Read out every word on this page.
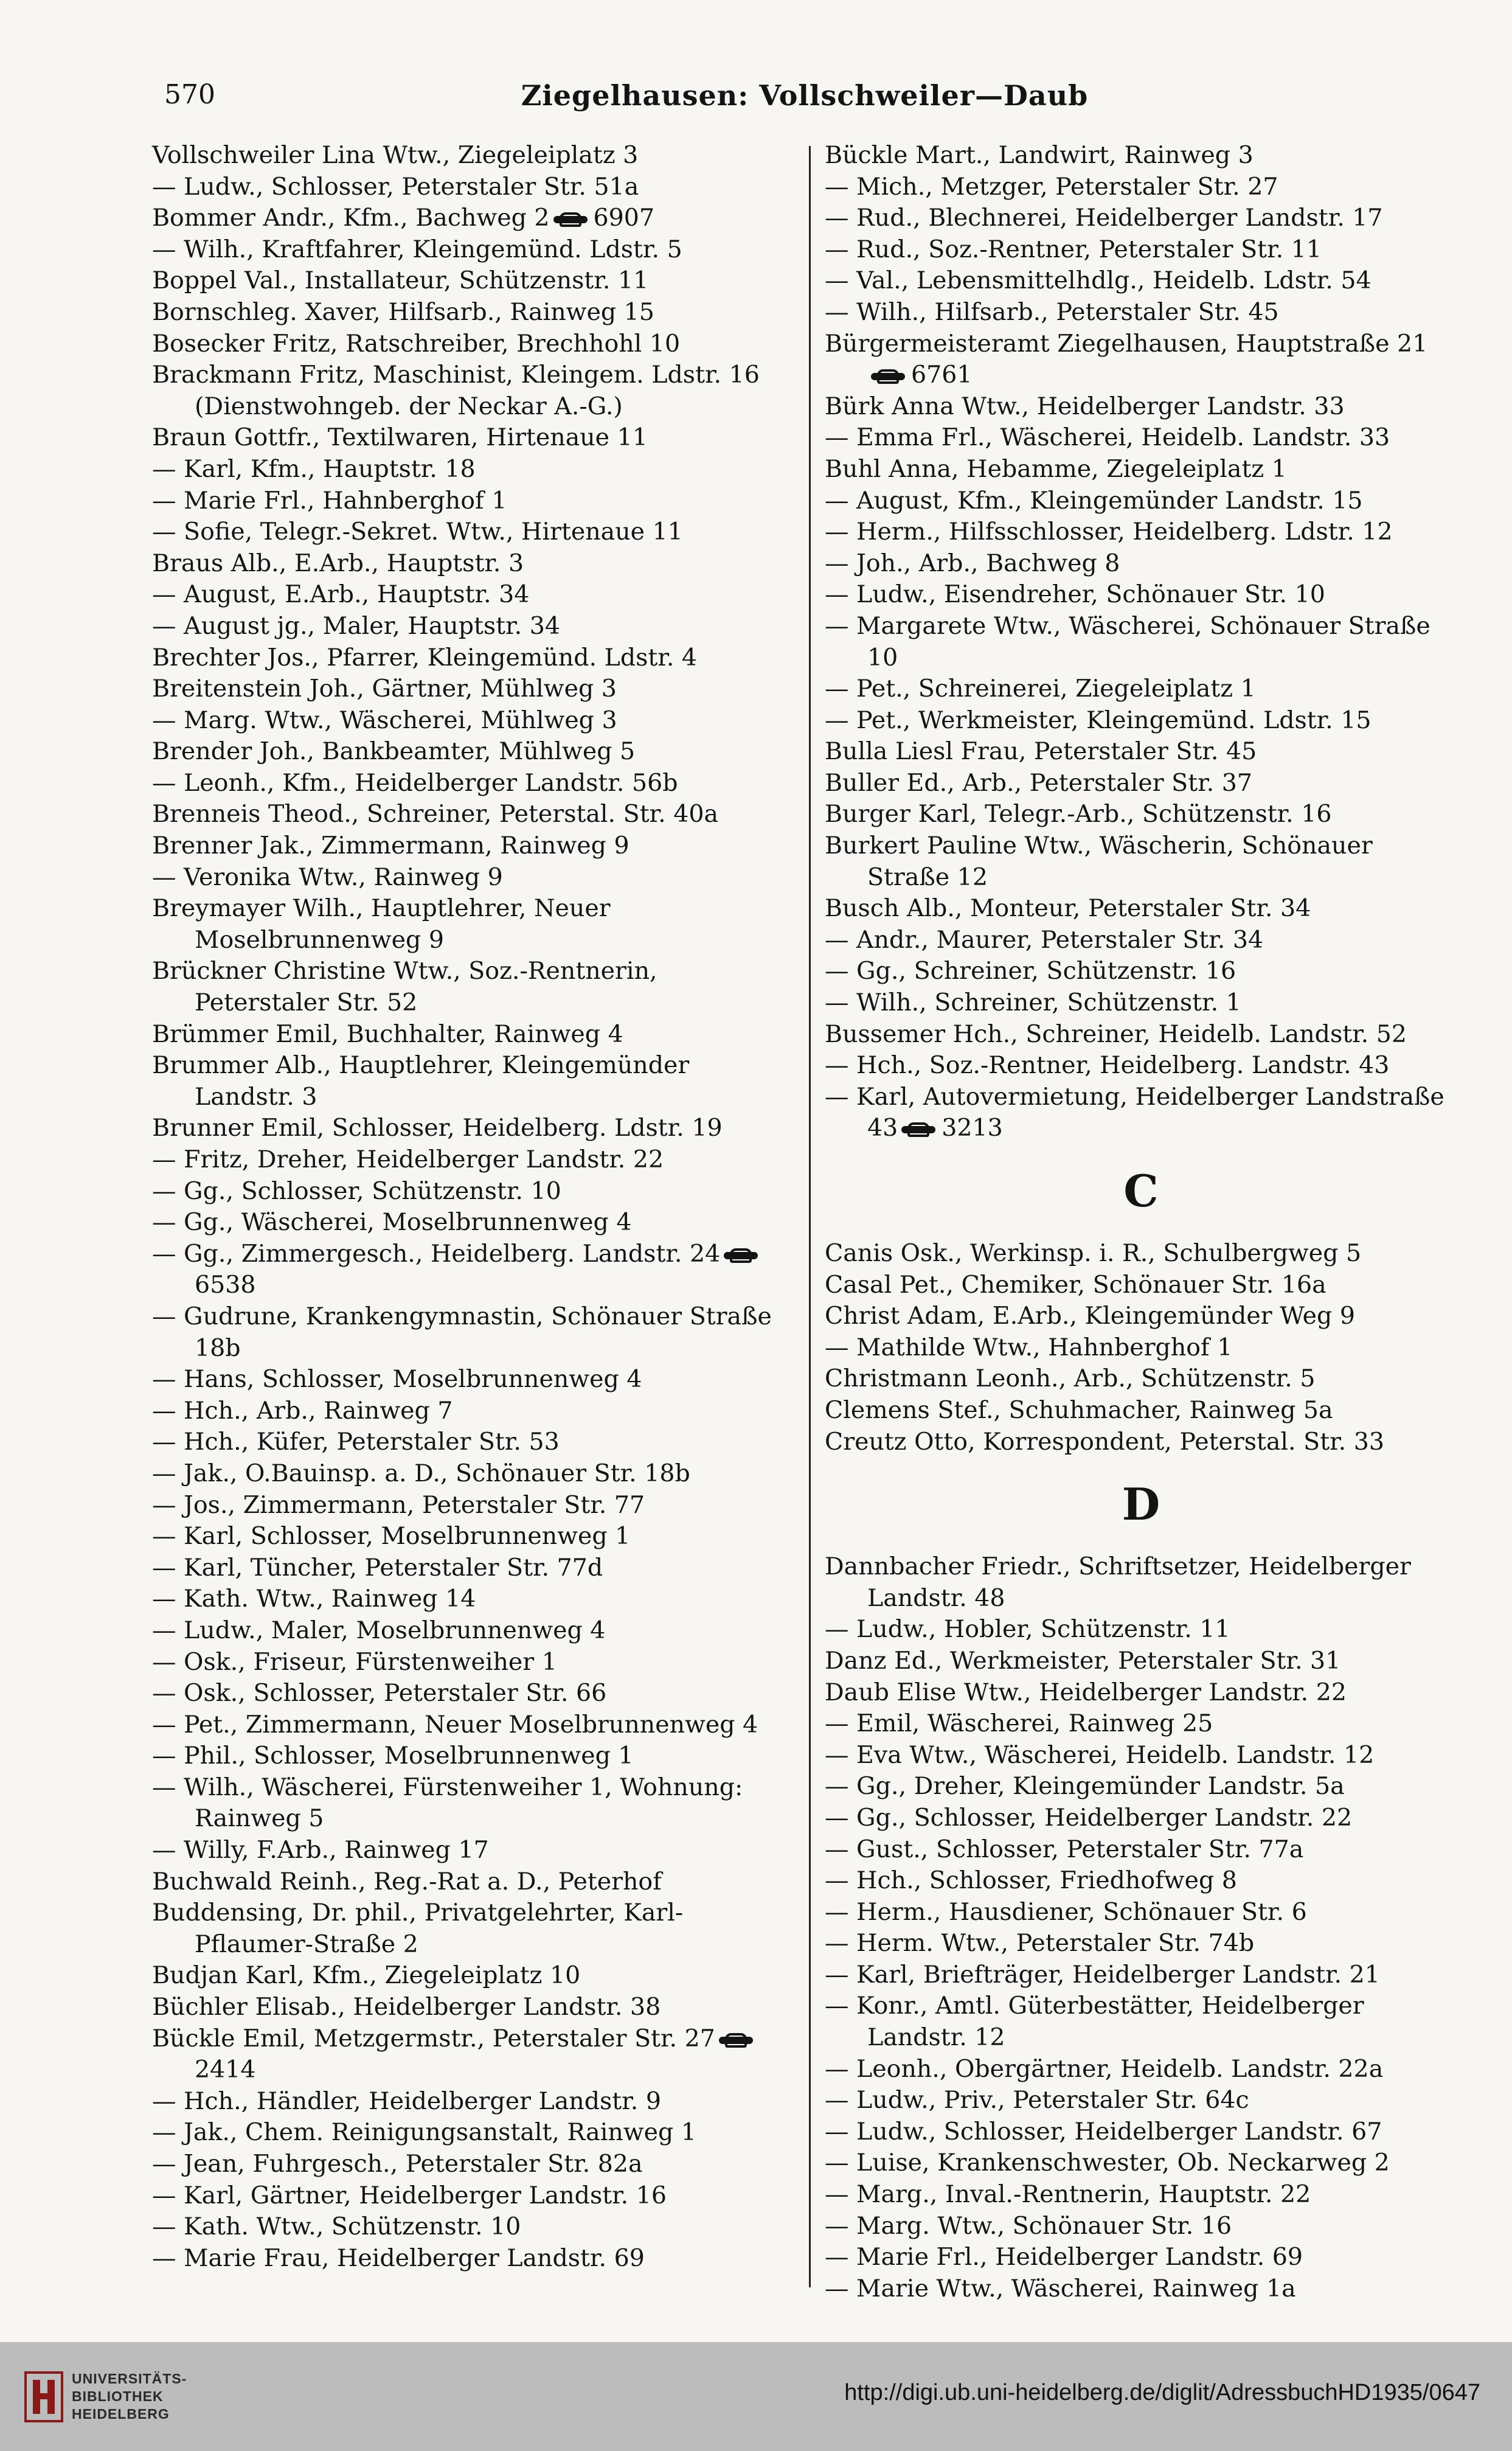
570	Ziegelhausen: Vollschweiler—Daub
Vollschweiler Lina Wtw., Ziegeleiplatz 3
— Ludw., Schlosser, Peterstaler Str. 51a
Bommer Andr., Kfm., Bachweg 2 6907
— Wilh., Kraftfahrer, Kleingemünd. Ldstr. 5
Boppel Val., Installateur, Schützenstr. 11
Bornschleg. Xaver, Hilfsarb., Rainweg 15
Bosecker Fritz, Ratschreiber, Brechhohl 10
Brackmann Fritz, Maschinist, Kleingem. Ldstr. 16 (Dienstwohngeb. der Neckar A.-G.)
Braun Gottfr., Textilwaren, Hirtenaue 11
— Karl, Kfm., Hauptstr. 18
— Marie Frl., Hahnberghof 1
— Sofie, Telegr.-Sekret. Wtw., Hirtenaue 11
Braus Alb., E.Arb., Hauptstr. 3
— August, E.Arb., Hauptstr. 34
— August jg., Maler, Hauptstr. 34
Brechter Jos., Pfarrer, Kleingemünd. Ldstr. 4
Breitenstein Joh., Gärtner, Mühlweg 3
— Marg. Wtw., Wäscherei, Mühlweg 3
Brender Joh., Bankbeamter, Mühlweg 5
— Leonh., Kfm., Heidelberger Landstr. 56b
Brenneis Theod., Schreiner, Peterstal. Str. 40a
Brenner Jak., Zimmermann, Rainweg 9
— Veronika Wtw., Rainweg 9
Breymayer Wilh., Hauptlehrer, Neuer Moselbrunnenweg 9
Brückner Christine Wtw., Soz.-Rentnerin, Peterstaler Str. 52
Brümmer Emil, Buchhalter, Rainweg 4
Brummer Alb., Hauptlehrer, Kleingemünder Landstr. 3
Brunner Emil, Schlosser, Heidelberg. Ldstr. 19
— Fritz, Dreher, Heidelberger Landstr. 22
— Gg., Schlosser, Schützenstr. 10
— Gg., Wäscherei, Moselbrunnenweg 4
— Gg., Zimmergesch., Heidelberg. Landstr. 246538
— Gudrune, Krankengymnastin, Schönauer Straße 18b
— Hans, Schlosser, Moselbrunnenweg 4
— Hch., Arb., Rainweg 7
— Hch., Küfer, Peterstaler Str. 53
— Jak., O.Bauinsp. a. D., Schönauer Str. 18b
— Jos., Zimmermann, Peterstaler Str. 77
— Karl, Schlosser, Moselbrunnenweg 1
— Karl, Tüncher, Peterstaler Str. 77d
— Kath. Wtw., Rainweg 14
— Ludw., Maler, Moselbrunnenweg 4
— Osk., Friseur, Fürstenweiher 1
— Osk., Schlosser, Peterstaler Str. 66
— Pet., Zimmermann, Neuer Moselbrunnenweg 4
— Phil., Schlosser, Moselbrunnenweg 1
— Wilh., Wäscherei, Fürstenweiher 1, Wohnung: Rainweg 5
— Willy, F.Arb., Rainweg 17
Buchwald Reinh., Reg.-Rat a. D., Peterhof
Buddensing, Dr. phil., Privatgelehrter, Karl-Pflaumer-Straße 2
Budjan Karl, Kfm., Ziegeleiplatz 10
Büchler Elisab., Heidelberger Landstr. 38
Bückle Emil, Metzgermstr., Peterstaler Str. 272414
— Hch., Händler, Heidelberger Landstr. 9
— Jak., Chem. Reinigungsanstalt, Rainweg 1
— Jean, Fuhrgesch., Peterstaler Str. 82a
— Karl, Gärtner, Heidelberger Landstr. 16
— Kath. Wtw., Schützenstr. 10
— Marie Frau, Heidelberger Landstr. 69
Bückle Mart., Landwirt, Rainweg 3
— Mich., Metzger, Peterstaler Str. 27
— Rud., Blechnerei, Heidelberger Landstr. 17
— Rud., Soz.-Rentner, Peterstaler Str. 11
— Val., Lebensmittelhdlg., Heidelb. Ldstr. 54
— Wilh., Hilfsarb., Peterstaler Str. 45
Bürgermeisteramt Ziegelhausen, Hauptstraße 216761
Bürk Anna Wtw., Heidelberger Landstr. 33
— Emma Frl., Wäscherei, Heidelb. Landstr. 33
Buhl Anna, Hebamme, Ziegeleiplatz 1
— August, Kfm., Kleingemünder Landstr. 15
— Herm., Hilfsschlosser, Heidelberg. Ldstr. 12
— Joh., Arb., Bachweg 8
— Ludw., Eisendreher, Schönauer Str. 10
— Margarete Wtw., Wäscherei, Schönauer Straße 10
— Pet., Schreinerei, Ziegeleiplatz 1
— Pet., Werkmeister, Kleingemünd. Ldstr. 15
Bulla Liesl Frau, Peterstaler Str. 45
Buller Ed., Arb., Peterstaler Str. 37
Burger Karl, Telegr.-Arb., Schützenstr. 16
Burkert Pauline Wtw., Wäscherin, Schönauer Straße 12
Busch Alb., Monteur, Peterstaler Str. 34
— Andr., Maurer, Peterstaler Str. 34
— Gg., Schreiner, Schützenstr. 16
— Wilh., Schreiner, Schützenstr. 1
Bussemer Hch., Schreiner, Heidelb. Landstr. 52
— Hch., Soz.-Rentner, Heidelberg. Landstr. 43
— Karl, Autovermietung, Heidelberger Landstraße 43 3213
C
Canis Osk., Werkinsp. i. R., Schulbergweg 5
Casal Pet., Chemiker, Schönauer Str. 16a
Christ Adam, E.Arb., Kleingemünder Weg 9
— Mathilde Wtw., Hahnberghof 1
Christmann Leonh., Arb., Schützenstr. 5
Clemens Stef., Schuhmacher, Rainweg 5a
Creutz Otto, Korrespondent, Peterstal. Str. 33
D
Dannbacher Friedr., Schriftsetzer, Heidelberger Landstr. 48
— Ludw., Hobler, Schützenstr. 11
Danz Ed., Werkmeister, Peterstaler Str. 31
Daub Elise Wtw., Heidelberger Landstr. 22
— Emil, Wäscherei, Rainweg 25
— Eva Wtw., Wäscherei, Heidelb. Landstr. 12
— Gg., Dreher, Kleingemünder Landstr. 5a
— Gg., Schlosser, Heidelberger Landstr. 22
— Gust., Schlosser, Peterstaler Str. 77a
— Hch., Schlosser, Friedhofweg 8
— Herm., Hausdiener, Schönauer Str. 6
— Herm. Wtw., Peterstaler Str. 74b
— Karl, Briefträger, Heidelberger Landstr. 21
— Konr., Amtl. Güterbestätter, Heidelberger Landstr. 12
— Leonh., Obergärtner, Heidelb. Landstr. 22a
— Ludw., Priv., Peterstaler Str. 64c
— Ludw., Schlosser, Heidelberger Landstr. 67
— Luise, Krankenschwester, Ob. Neckarweg 2
— Marg., Inval.-Rentnerin, Hauptstr. 22
— Marg. Wtw., Schönauer Str. 16
— Marie Frl., Heidelberger Landstr. 69
— Marie Wtw., Wäscherei, Rainweg 1a
UNIVERSITÄTS-
BIBLIOTHEK
HEIDELBERG
http://digi.ub.uni-heidelberg.de/diglit/AdressbuchHD1935/0647
